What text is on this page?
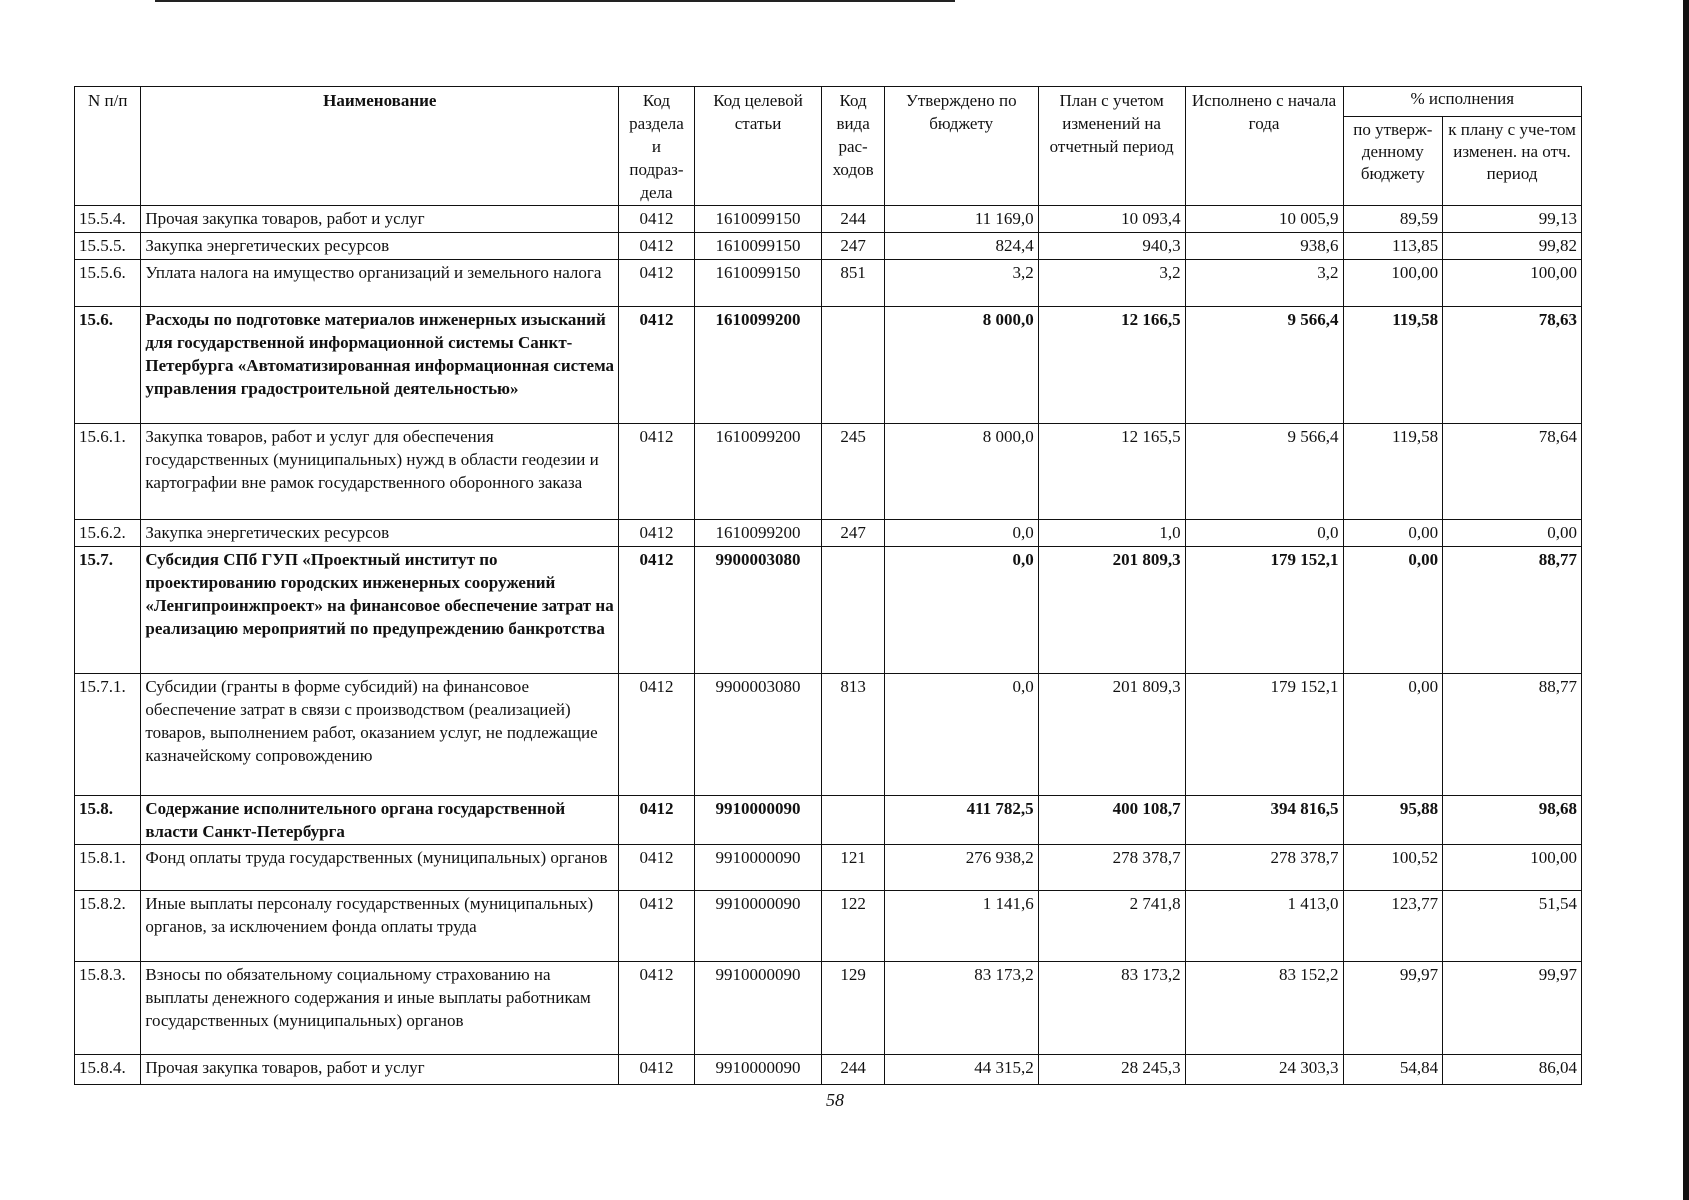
N п/п	Наименование	Код раздела и подраз-дела	Код целевой статьи	Код вида рас-ходов	Утверждено по бюджету	План с учетом изменений на отчетный период	Исполнено с начала года	% исполнения	
								по утверж-денному бюджету	к плану с уче-том изменен. на отч. период
15.5.4.	Прочая закупка товаров, работ и услуг	0412	1610099150	244	11 169,0	10 093,4	10 005,9	89,59	99,13
15.5.5.	Закупка энергетических ресурсов	0412	1610099150	247	824,4	940,3	938,6	113,85	99,82
15.5.6.	Уплата налога на имущество организаций и земельного налога	0412	1610099150	851	3,2	3,2	3,2	100,00	100,00
15.6.	Расходы по подготовке материалов инженерных изысканий для государственной информационной системы Санкт-Петербурга «Автоматизированная информационная система управления градостроительной деятельностью»	0412	1610099200		8 000,0	12 166,5	9 566,4	119,58	78,63
15.6.1.	Закупка товаров, работ и услуг для обеспечения государственных (муниципальных) нужд в области геодезии и картографии вне рамок государственного оборонного заказа	0412	1610099200	245	8 000,0	12 165,5	9 566,4	119,58	78,64
15.6.2.	Закупка энергетических ресурсов	0412	1610099200	247	0,0	1,0	0,0	0,00	0,00
15.7.	Субсидия СПб ГУП «Проектный институт по проектированию городских инженерных сооружений «Ленгипроинжпроект» на финансовое обеспечение затрат на реализацию мероприятий по предупреждению банкротства	0412	9900003080		0,0	201 809,3	179 152,1	0,00	88,77
15.7.1.	Субсидии (гранты в форме субсидий) на финансовое обеспечение затрат в связи с производством (реализацией) товаров, выполнением работ, оказанием услуг, не подлежащие казначейскому сопровождению	0412	9900003080	813	0,0	201 809,3	179 152,1	0,00	88,77
15.8.	Содержание исполнительного органа государственной власти Санкт-Петербурга	0412	9910000090		411 782,5	400 108,7	394 816,5	95,88	98,68
15.8.1.	Фонд оплаты труда государственных (муниципальных) органов	0412	9910000090	121	276 938,2	278 378,7	278 378,7	100,52	100,00
15.8.2.	Иные выплаты персоналу государственных (муниципальных) органов, за исключением фонда оплаты труда	0412	9910000090	122	1 141,6	2 741,8	1 413,0	123,77	51,54
15.8.3.	Взносы по обязательному социальному страхованию на выплаты денежного содержания и иные выплаты работникам государственных (муниципальных) органов	0412	9910000090	129	83 173,2	83 173,2	83 152,2	99,97	99,97
15.8.4.	Прочая закупка товаров, работ и услуг	0412	9910000090	244	44 315,2	28 245,3	24 303,3	54,84	86,04
58
